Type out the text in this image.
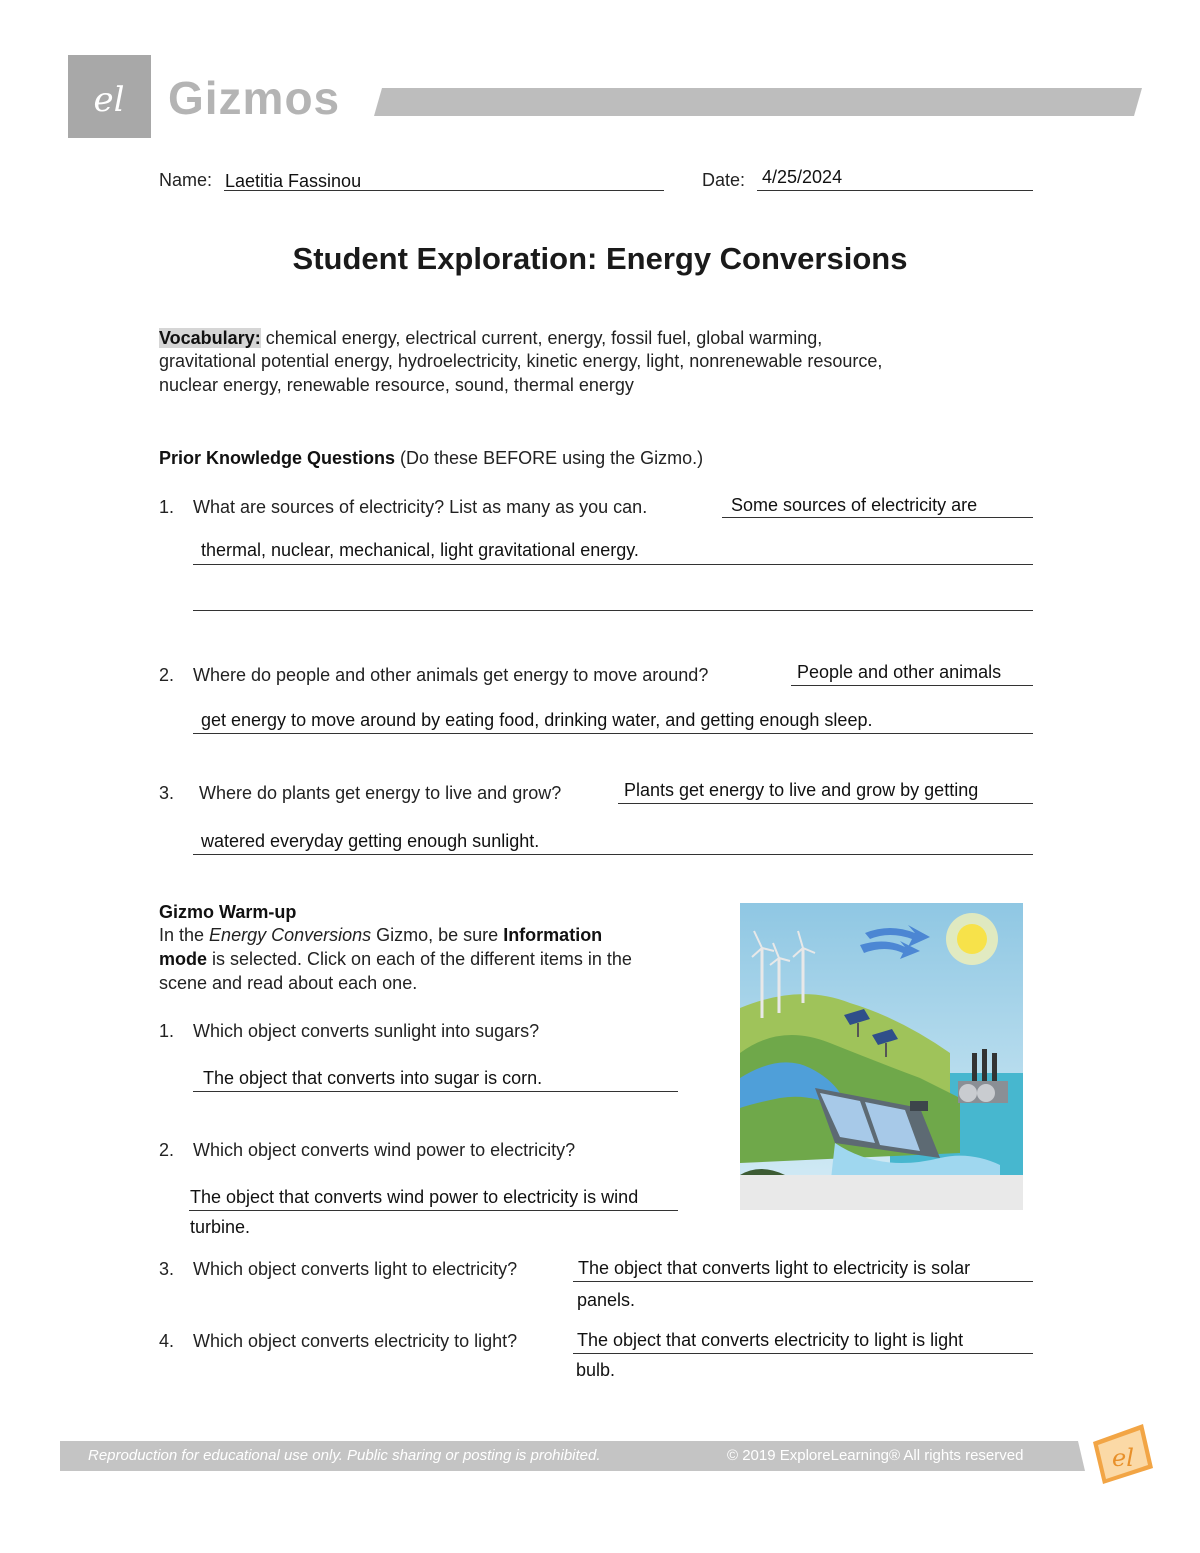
el Gizmos
Name: Laetitia Fassinou	Date: 4/25/2024
Student Exploration: Energy Conversions
Vocabulary: chemical energy, electrical current, energy, fossil fuel, global warming,
gravitational potential energy, hydroelectricity, kinetic energy, light, nonrenewable resource,
nuclear energy, renewable resource, sound, thermal energy
Prior Knowledge Questions (Do these BEFORE using the Gizmo.)
1. What are sources of electricity? List as many as you can.	Some sources of electricity are
thermal, nuclear, mechanical, light gravitational energy.
2. Where do people and other animals get energy to move around?	People and other animals
get energy to move around by eating food, drinking water, and getting enough sleep.
3. Where do plants get energy to live and grow?	Plants get energy to live and grow by getting
watered everyday getting enough sunlight.
Gizmo Warm-up
In the Energy Conversions Gizmo, be sure Information
mode is selected. Click on each of the different items in the
scene and read about each one.
1. Which object converts sunlight into sugars?
The object that converts into sugar is corn.
2. Which object converts wind power to electricity?
The object that converts wind power to electricity is wind
turbine.
3. Which object converts light to electricity?	The object that converts light to electricity is solar
panels.
4. Which object converts electricity to light?	The object that converts electricity to light is light
bulb.
Reproduction for educational use only. Public sharing or posting is prohibited.	© 2019 ExploreLearning® All rights reserved	el
